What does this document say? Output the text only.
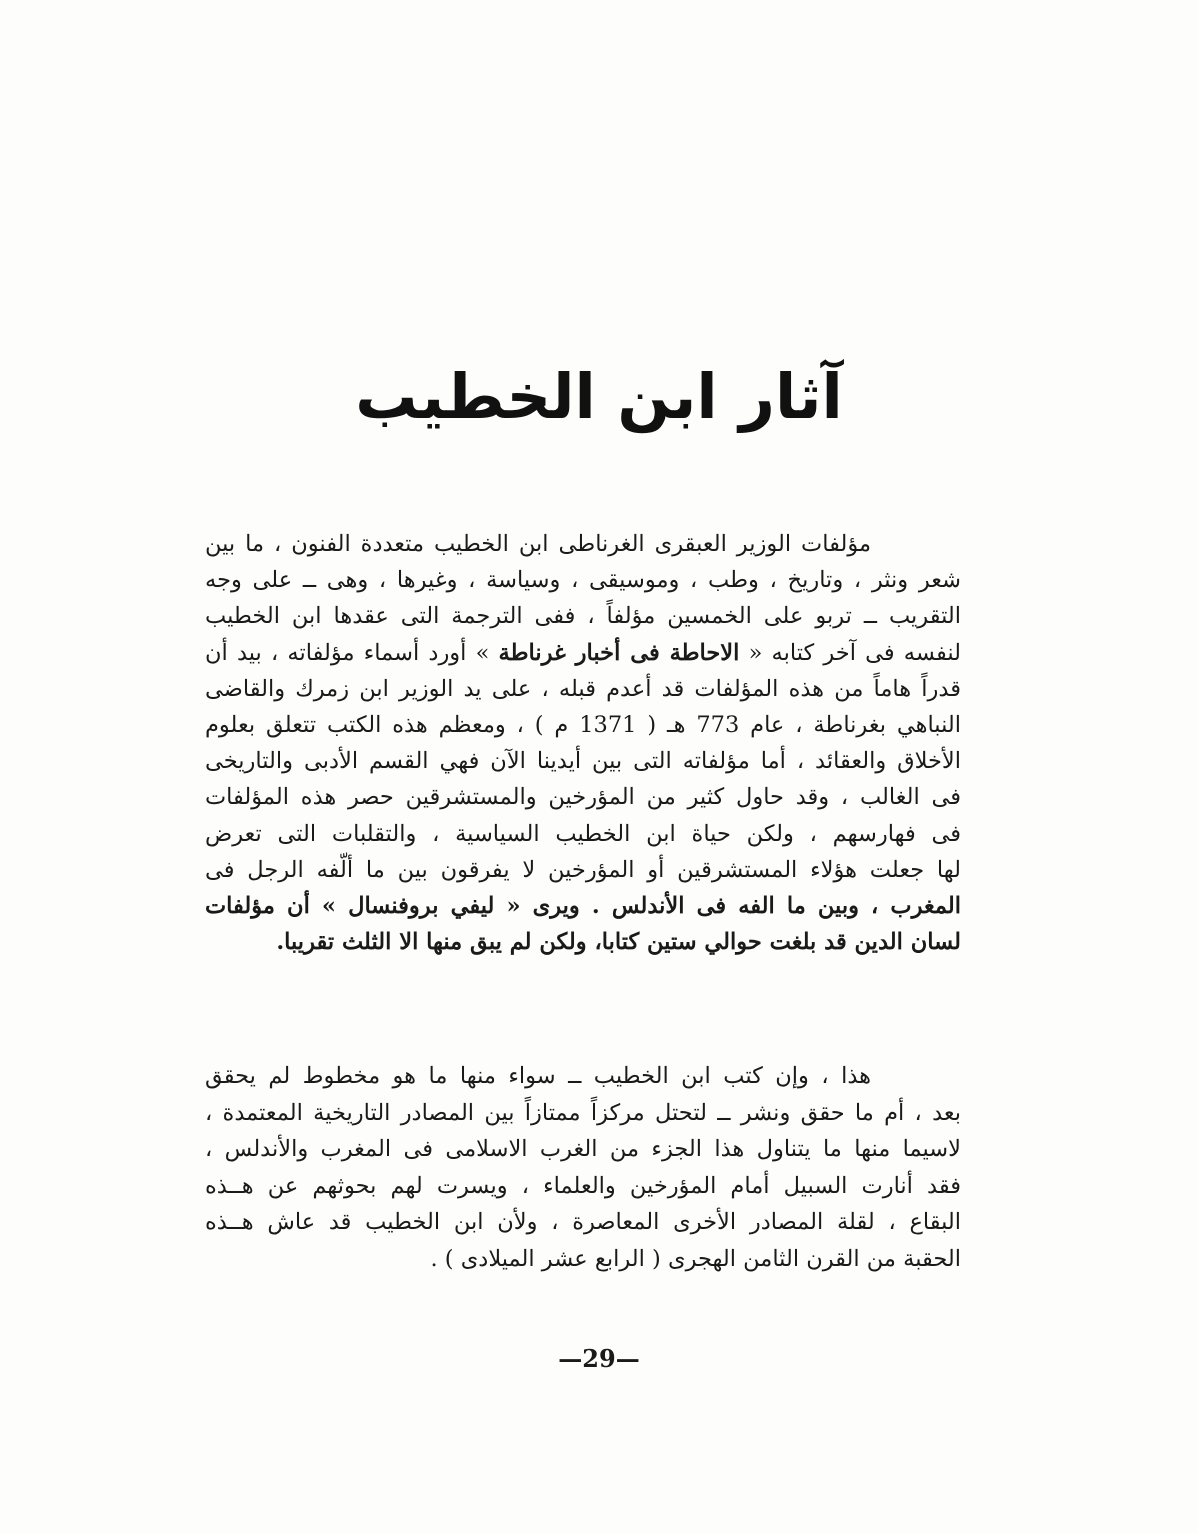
آثار ابن الخطيب
مؤلفات الوزير العبقرى الغرناطى ابن الخطيب متعددة الفنون ، ما بين
شعر ونثر ، وتاريخ ، وطب ، وموسيقى ، وسياسة ، وغيرها ، وهى ــ على وجه
التقريب ــ تربو على الخمسين مؤلفاً ، ففى الترجمة التى عقدها ابن الخطيب
لنفسه فى آخر كتابه « الاحاطة فى أخبار غرناطة » أورد أسماء مؤلفاته ، بيد أن
قدراً هاماً من هذه المؤلفات قد أعدم قبله ، على يد الوزير ابن زمرك والقاضى
النباهي بغرناطة ، عام 773 هـ ( 1371 م ) ، ومعظم هذه الكتب تتعلق بعلوم
الأخلاق والعقائد ، أما مؤلفاته التى بين أيدينا الآن فهي القسم الأدبى والتاريخى
فى الغالب ، وقد حاول كثير من المؤرخين والمستشرقين حصر هذه المؤلفات
فى فهارسهم ، ولكن حياة ابن الخطيب السياسية ، والتقلبات التى تعرض
لها جعلت هؤلاء المستشرقين أو المؤرخين لا يفرقون بين ما ألّفه الرجل فى
المغرب ، وبين ما الفه فى الأندلس . ويرى « ليفي بروفنسال » أن مؤلفات
لسان الدين قد بلغت حوالي ستين كتابا، ولكن لم يبق منها الا الثلث تقريبا.
هذا ، وإن كتب ابن الخطيب ــ سواء منها ما هو مخطوط لم يحقق
بعد ، أم ما حقق ونشر ــ لتحتل مركزاً ممتازاً بين المصادر التاريخية المعتمدة ،
لاسيما منها ما يتناول هذا الجزء من الغرب الاسلامى فى المغرب والأندلس ،
فقد أنارت السبيل أمام المؤرخين والعلماء ، ويسرت لهم بحوثهم عن هــذه
البقاع ، لقلة المصادر الأخرى المعاصرة ، ولأن ابن الخطيب قد عاش هــذه
الحقبة من القرن الثامن الهجرى ( الرابع عشر الميلادى ) .
—29—
